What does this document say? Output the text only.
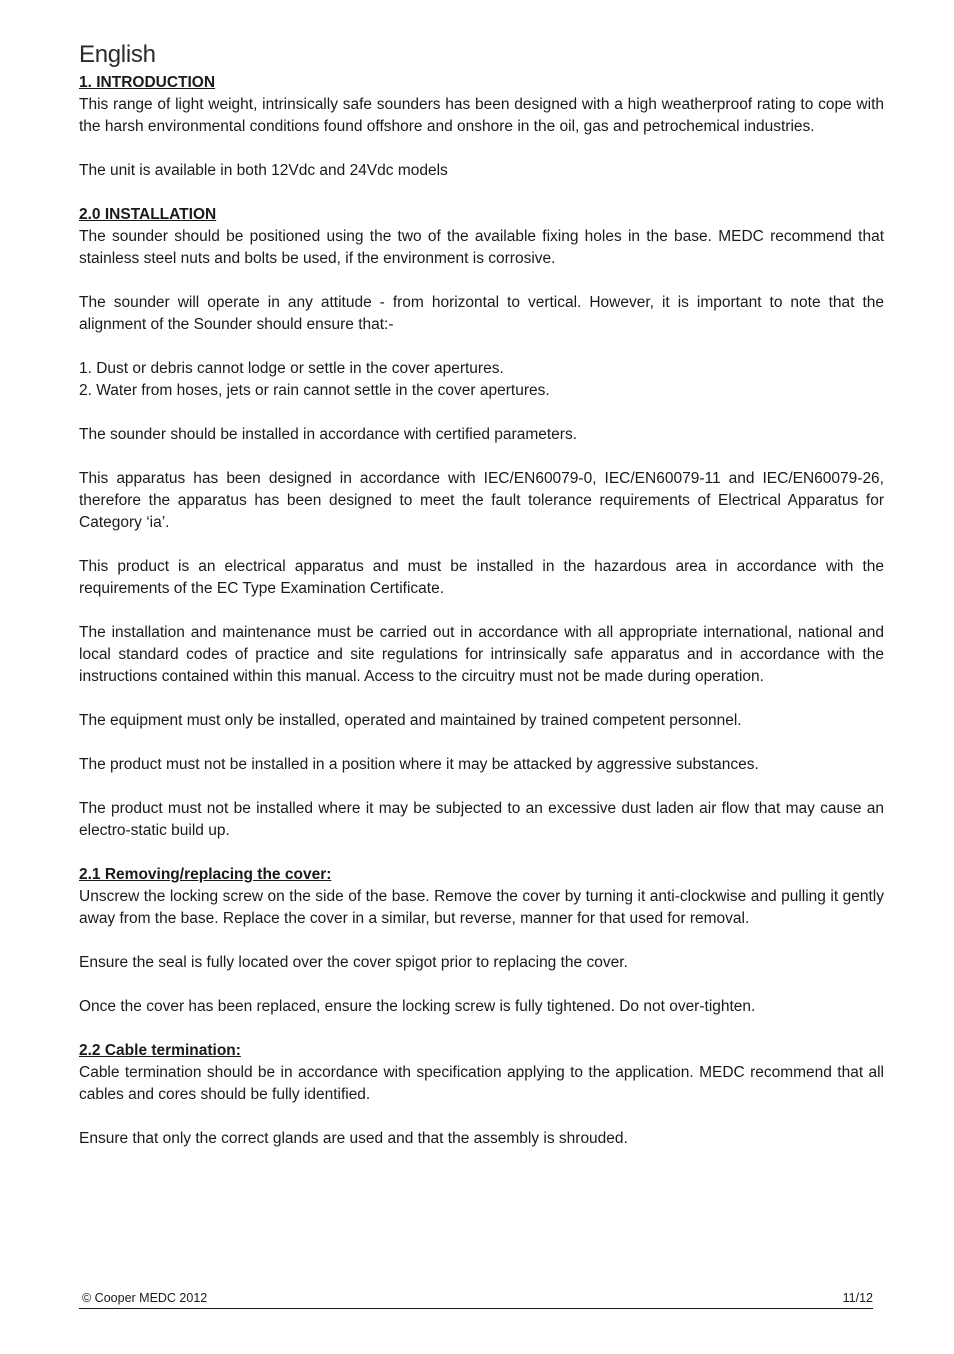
English
1. INTRODUCTION

This range of light weight, intrinsically safe sounders has been designed with a high weatherproof rating to cope with the harsh environmental conditions found offshore and onshore in the oil, gas and petrochemical industries.

The unit is available in both 12Vdc and 24Vdc models

2.0 INSTALLATION

The sounder should be positioned using the two of the available fixing holes in the base. MEDC recommend that stainless steel nuts and bolts be used, if the environment is corrosive.

The sounder will operate in any attitude - from horizontal to vertical. However, it is important to note that the alignment of the Sounder should ensure that:-

1. Dust or debris cannot lodge or settle in the cover apertures.

2. Water from hoses, jets or rain cannot settle in the cover apertures.

The sounder should be installed in accordance with certified parameters.

This apparatus has been designed in accordance with IEC/EN60079-0, IEC/EN60079-11 and IEC/EN60079-26, therefore the apparatus has been designed to meet the fault tolerance requirements of Electrical Apparatus for Category ‘ia’.

This product is an electrical apparatus and must be installed in the hazardous area in accordance with the requirements of the EC Type Examination Certificate.

The installation and maintenance must be carried out in accordance with all appropriate international, national and local standard codes of practice and site regulations for intrinsically safe apparatus and in accordance with the instructions contained within this manual. Access to the circuitry must not be made during operation.

The equipment must only be installed, operated and maintained by trained competent personnel.

The product must not be installed in a position where it may be attacked by aggressive substances.

The product must not be installed where it may be subjected to an excessive dust laden air flow that may cause an electro-static build up.

2.1 Removing/replacing the cover:

Unscrew the locking screw on the side of the base. Remove the cover by turning it anti-clockwise and pulling it gently away from the base. Replace the cover in a similar, but reverse, manner for that used for removal.

Ensure the seal is fully located over the cover spigot prior to replacing the cover.

Once the cover has been replaced, ensure the locking screw is fully tightened. Do not over-tighten.

2.2 Cable termination:

Cable termination should be in accordance with specification applying to the application. MEDC recommend that all cables and cores should be fully identified.

Ensure that only the correct glands are used and that the assembly is shrouded.

© Cooper MEDC 2012	11/12
